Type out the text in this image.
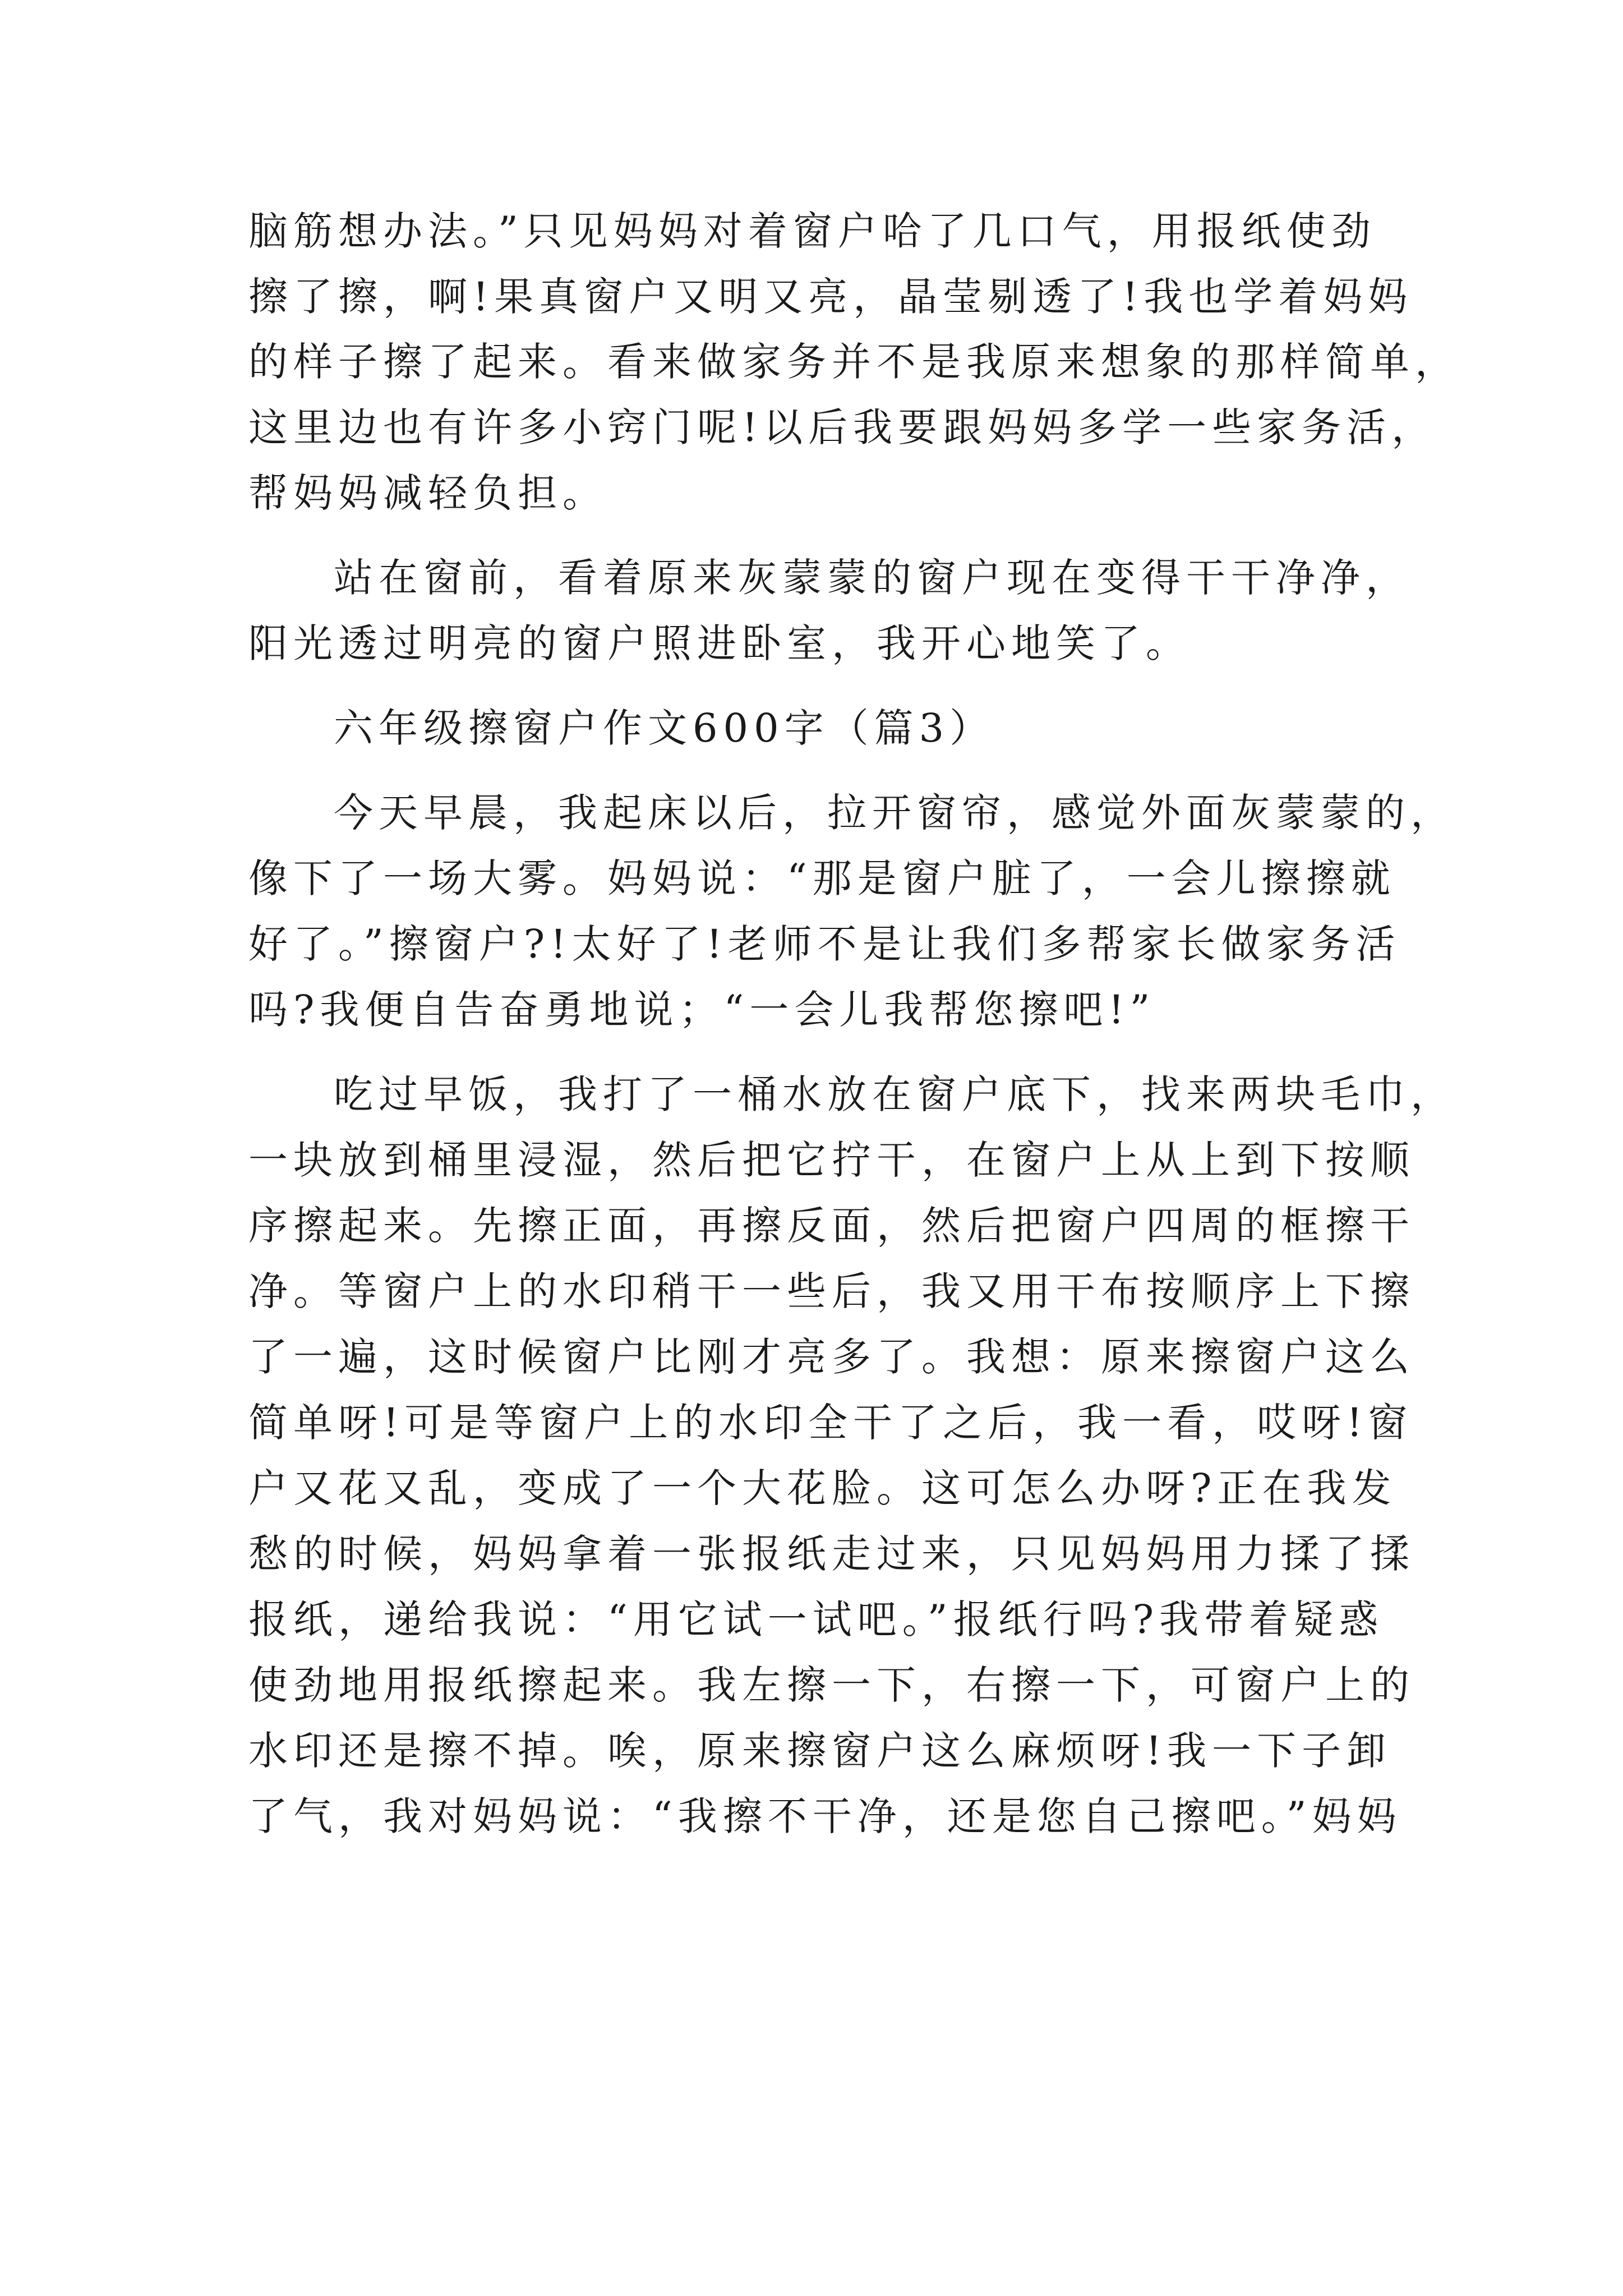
脑筋想办法。”只见妈妈对着窗户哈了几口气，用报纸使劲
擦了擦，啊!果真窗户又明又亮，晶莹剔透了!我也学着妈妈
的样子擦了起来。看来做家务并不是我原来想象的那样简单，
这里边也有许多小窍门呢!以后我要跟妈妈多学一些家务活，
帮妈妈减轻负担。
站在窗前，看着原来灰蒙蒙的窗户现在变得干干净净，
阳光透过明亮的窗户照进卧室，我开心地笑了。
六年级擦窗户作文600字（篇3）
今天早晨，我起床以后，拉开窗帘，感觉外面灰蒙蒙的，
像下了一场大雾。妈妈说：“那是窗户脏了，一会儿擦擦就
好了。”擦窗户?!太好了!老师不是让我们多帮家长做家务活
吗?我便自告奋勇地说；“一会儿我帮您擦吧!”
吃过早饭，我打了一桶水放在窗户底下，找来两块毛巾，
一块放到桶里浸湿，然后把它拧干，在窗户上从上到下按顺
序擦起来。先擦正面，再擦反面，然后把窗户四周的框擦干
净。等窗户上的水印稍干一些后，我又用干布按顺序上下擦
了一遍，这时候窗户比刚才亮多了。我想：原来擦窗户这么
简单呀!可是等窗户上的水印全干了之后，我一看，哎呀!窗
户又花又乱，变成了一个大花脸。这可怎么办呀?正在我发
愁的时候，妈妈拿着一张报纸走过来，只见妈妈用力揉了揉
报纸，递给我说：“用它试一试吧。”报纸行吗?我带着疑惑
使劲地用报纸擦起来。我左擦一下，右擦一下，可窗户上的
水印还是擦不掉。唉，原来擦窗户这么麻烦呀!我一下子卸
了气，我对妈妈说：“我擦不干净，还是您自己擦吧。”妈妈
